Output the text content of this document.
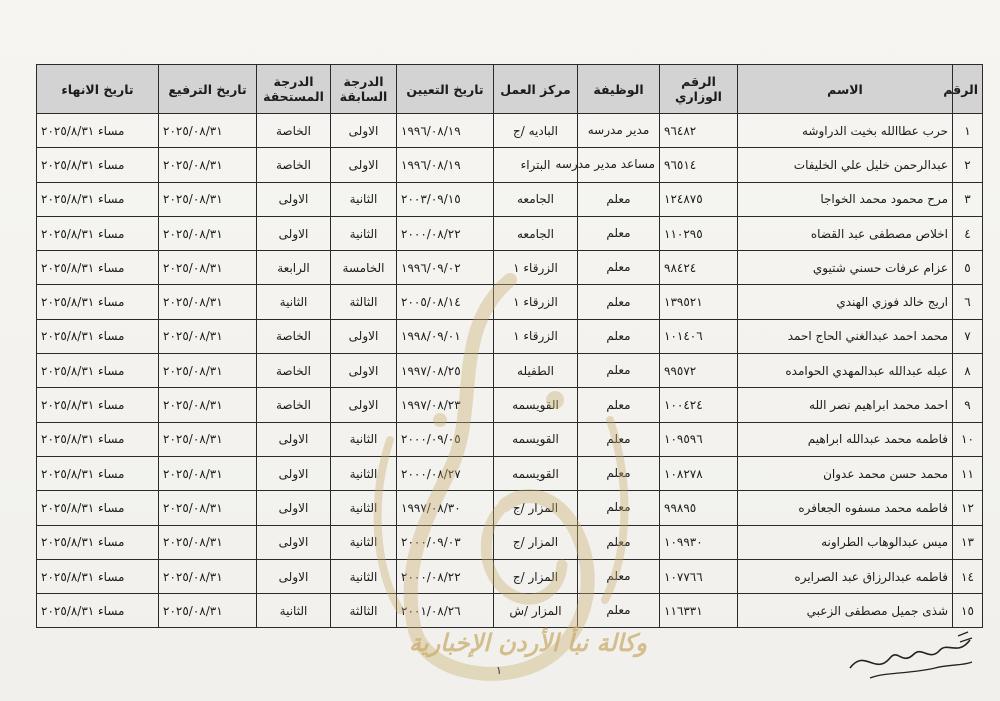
الرقم	الاسم	الرقم الوزاري	الوظيفة	مركز العمل	تاريخ التعيين	الدرجة السابقة	الدرجة المستحقة	تاريخ الترفيع	تاريخ الانهاء
١	حرب عطاالله بخيت الدراوشه	٩٦٤٨٢	مدير مدرسه	الباديه /ج	١٩٩٦/٠٨/١٩	الاولى	الخاصة	٢٠٢٥/٠٨/٣١	مساء ٢٠٢٥/٨/٣١
٢	عبدالرحمن خليل علي الخليفات	٩٦٥١٤	مساعد مدير مدرسه	البتراء	١٩٩٦/٠٨/١٩	الاولى	الخاصة	٢٠٢٥/٠٨/٣١	مساء ٢٠٢٥/٨/٣١
٣	مرح محمود محمد الخواجا	١٢٤٨٧٥	معلم	الجامعه	٢٠٠٣/٠٩/١٥	الثانية	الاولى	٢٠٢٥/٠٨/٣١	مساء ٢٠٢٥/٨/٣١
٤	اخلاص مصطفى عبد القضاه	١١٠٢٩٥	معلم	الجامعه	٢٠٠٠/٠٨/٢٢	الثانية	الاولى	٢٠٢٥/٠٨/٣١	مساء ٢٠٢٥/٨/٣١
٥	عزام عرفات حسني شتيوي	٩٨٤٢٤	معلم	الزرقاء ١	١٩٩٦/٠٩/٠٢	الخامسة	الرابعة	٢٠٢٥/٠٨/٣١	مساء ٢٠٢٥/٨/٣١
٦	اريج خالد فوزي الهندي	١٣٩٥٢١	معلم	الزرقاء ١	٢٠٠٥/٠٨/١٤	الثالثة	الثانية	٢٠٢٥/٠٨/٣١	مساء ٢٠٢٥/٨/٣١
٧	محمد احمد عبدالغني الحاج احمد	١٠١٤٠٦	معلم	الزرقاء ١	١٩٩٨/٠٩/٠١	الاولى	الخاصة	٢٠٢٥/٠٨/٣١	مساء ٢٠٢٥/٨/٣١
٨	عبله عبدالله عبدالمهدي الحوامده	٩٩٥٧٢	معلم	الطفيله	١٩٩٧/٠٨/٢٥	الاولى	الخاصة	٢٠٢٥/٠٨/٣١	مساء ٢٠٢٥/٨/٣١
٩	احمد محمد ابراهيم نصر الله	١٠٠٤٢٤	معلم	القويسمه	١٩٩٧/٠٨/٢٣	الاولى	الخاصة	٢٠٢٥/٠٨/٣١	مساء ٢٠٢٥/٨/٣١
١٠	فاطمه محمد عبدالله ابراهيم	١٠٩٥٩٦	معلم	القويسمه	٢٠٠٠/٠٩/٠٥	الثانية	الاولى	٢٠٢٥/٠٨/٣١	مساء ٢٠٢٥/٨/٣١
١١	محمد حسن محمد عدوان	١٠٨٢٧٨	معلم	القويسمه	٢٠٠٠/٠٨/٢٧	الثانية	الاولى	٢٠٢٥/٠٨/٣١	مساء ٢٠٢٥/٨/٣١
١٢	فاطمه محمد مسفوه الجعافره	٩٩٨٩٥	معلم	المزار /ج	١٩٩٧/٠٨/٣٠	الثانية	الاولى	٢٠٢٥/٠٨/٣١	مساء ٢٠٢٥/٨/٣١
١٣	ميس عبدالوهاب الطراونه	١٠٩٩٣٠	معلم	المزار /ج	٢٠٠٠/٠٩/٠٣	الثانية	الاولى	٢٠٢٥/٠٨/٣١	مساء ٢٠٢٥/٨/٣١
١٤	فاطمه عبدالرزاق عبد الصرايره	١٠٧٧٦٦	معلم	المزار /ج	٢٠٠٠/٠٨/٢٢	الثانية	الاولى	٢٠٢٥/٠٨/٣١	مساء ٢٠٢٥/٨/٣١
١٥	شذى جميل مصطفى الزعبي	١١٦٣٣١	معلم	المزار /ش	٢٠٠١/٠٨/٢٦	الثالثة	الثانية	٢٠٢٥/٠٨/٣١	مساء ٢٠٢٥/٨/٣١
وكالة نبأ الأردن الإخبارية
١
